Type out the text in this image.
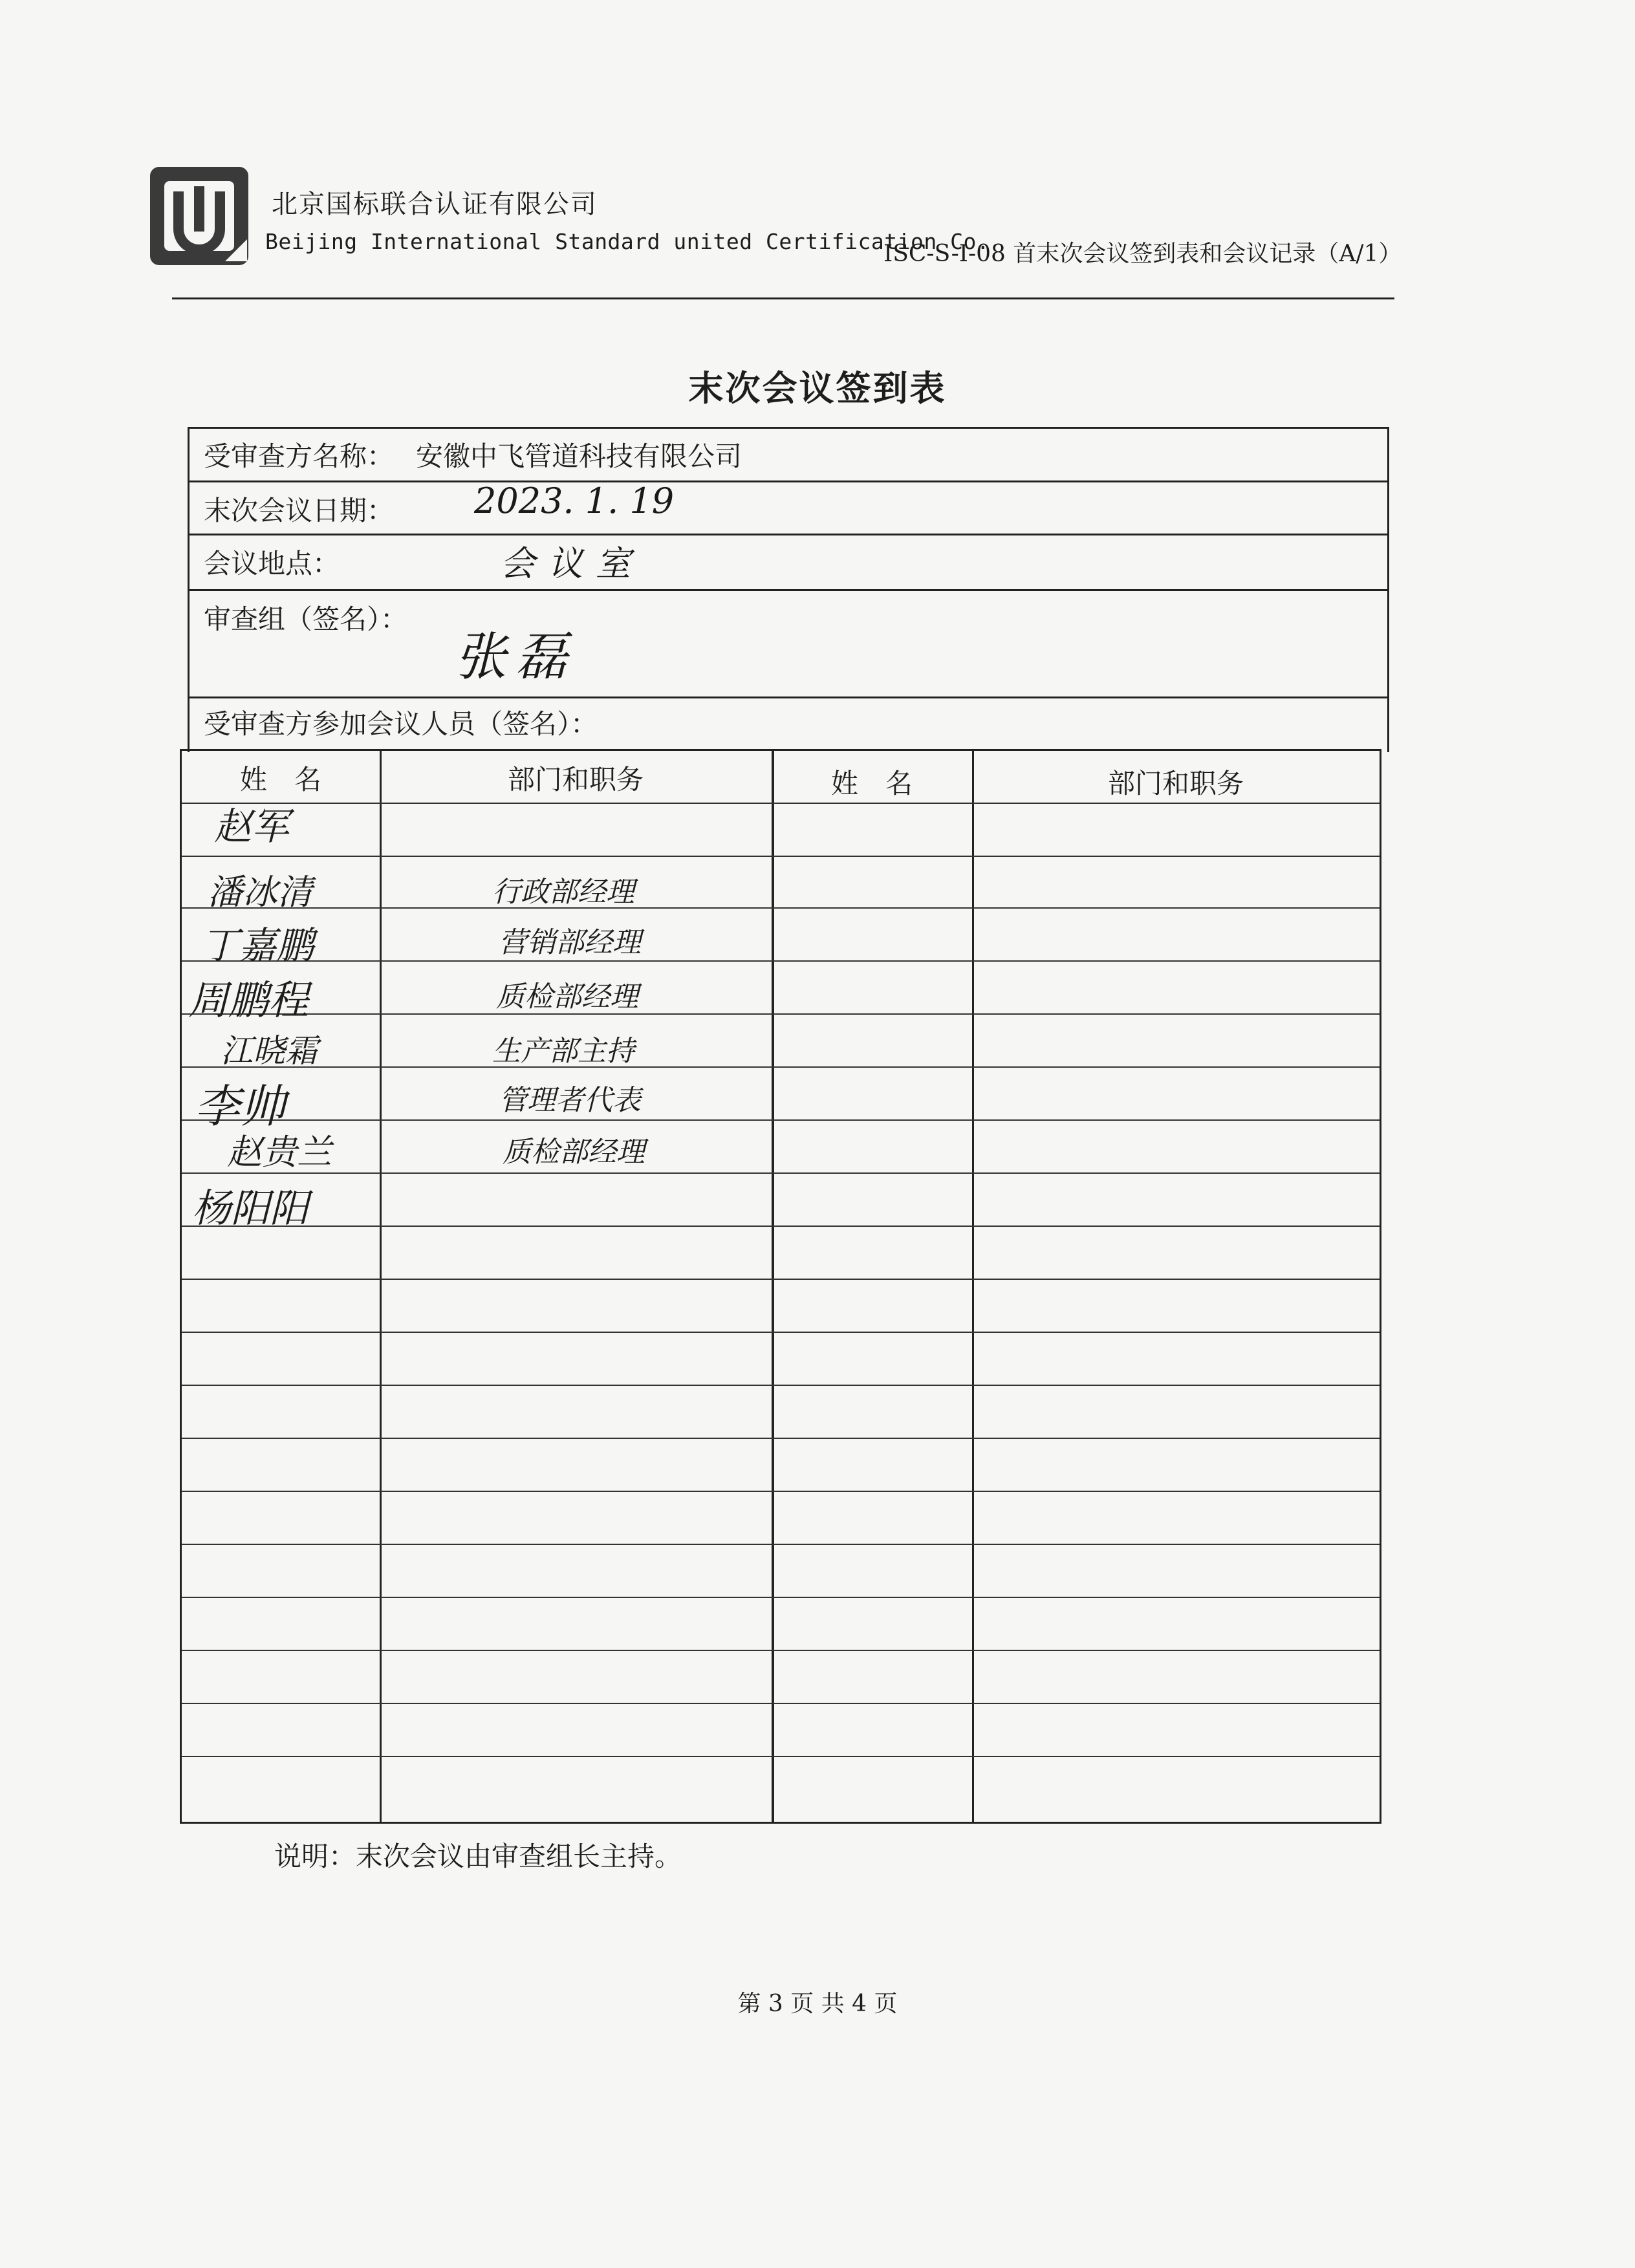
北京国标联合认证有限公司
Beijing International Standard united Certification Co.
ISC-S-I-08 首末次会议签到表和会议记录（A/1）
末次会议签到表
受审查方名称： 安徽中飞管道科技有限公司
末次会议日期： 2023. 1. 19
会议地点：	会议室
审查组（签名）：
张磊
受审查方参加会议人员（签名）：
姓　名	部门和职务	姓　名	部门和职务
赵军
潘冰清	行政部经理
丁嘉鹏	营销部经理
周鹏程	质检部经理
江晓霜	生产部主持
李帅	管理者代表
赵贵兰	质检部经理
杨阳阳
说明：末次会议由审查组长主持。
第 3 页 共 4 页
